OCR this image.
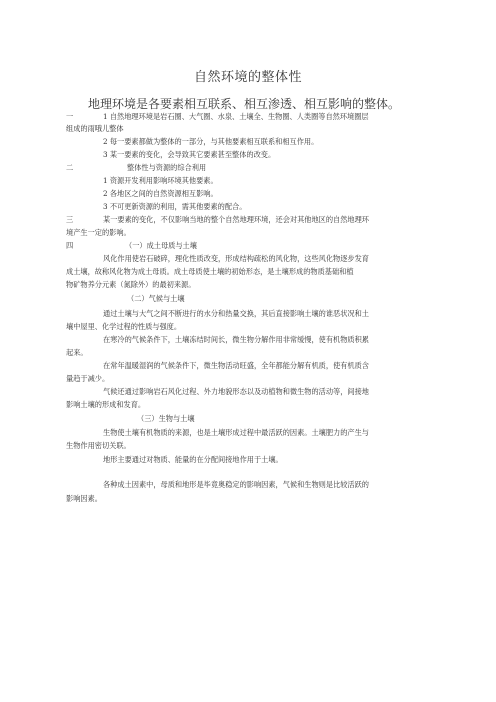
自然环境的整体性
地理环境是各要素相互联系、相互渗透、相互影响的整体。
一	1 自然地理环境是岩石圈、大气圈、水泉、土壤全、生物圈、人类圈等自然环境圈层
组成的雨哦儿整体
2 每一要素都做为整体的一部分，与其他要素相互联系和相互作用。
3 某一要素的变化，会导致其它要素甚至整体的改变。
二	整体性与资源的综合利用
1 资源开发利用影响环境其他要素。
2 各地区之间的自然资源相互影响。
3 不可更新资源的利用，需其他要素的配合。
三	某一要素的变化，不仅影响当地的整个自然地理环境，还会对其他地区的自然地理环
境产生一定的影响。
四	（一）成土母质与土壤
风化作用使岩石破碎，理化性质改变，形成结构疏松的风化物，这些风化物逐步发育
成土壤，故称风化物为成土母质。成土母质使土壤的初始形态，是土壤形成的物质基础和植
物矿物养分元素（氮除外）的最初来源。
（二）气候与土壤
通过土壤与大气之间不断进行的水分和热量交换，其后直接影响土壤的谁恶状况和土
壤中屋里、化学过程的性质与强度。
在寒冷的气候条件下，土壤冻结时间长，微生物分解作用非常缓慢，使有机物质积累
起来。
在常年温暖湿润的气候条件下，微生物活动旺盛，全年都能分解有机质，使有机质含
量趋于减少。
气候还通过影响岩石风化过程、外力地貌形态以及动植物和微生物的活动等，间接地
影响土壤的形成和发育。
（三）生物与土壤
生物使土壤有机物质的来源，也是土壤形成过程中最活跃的因素。土壤肥力的产生与
生物作用密切关联。
地形主要通过对物质、能量的在分配间接地作用于土壤。
各种成土因素中，母质和地形是毕竟奥稳定的影响因素，气候和生物则是比较活跃的
影响因素。
